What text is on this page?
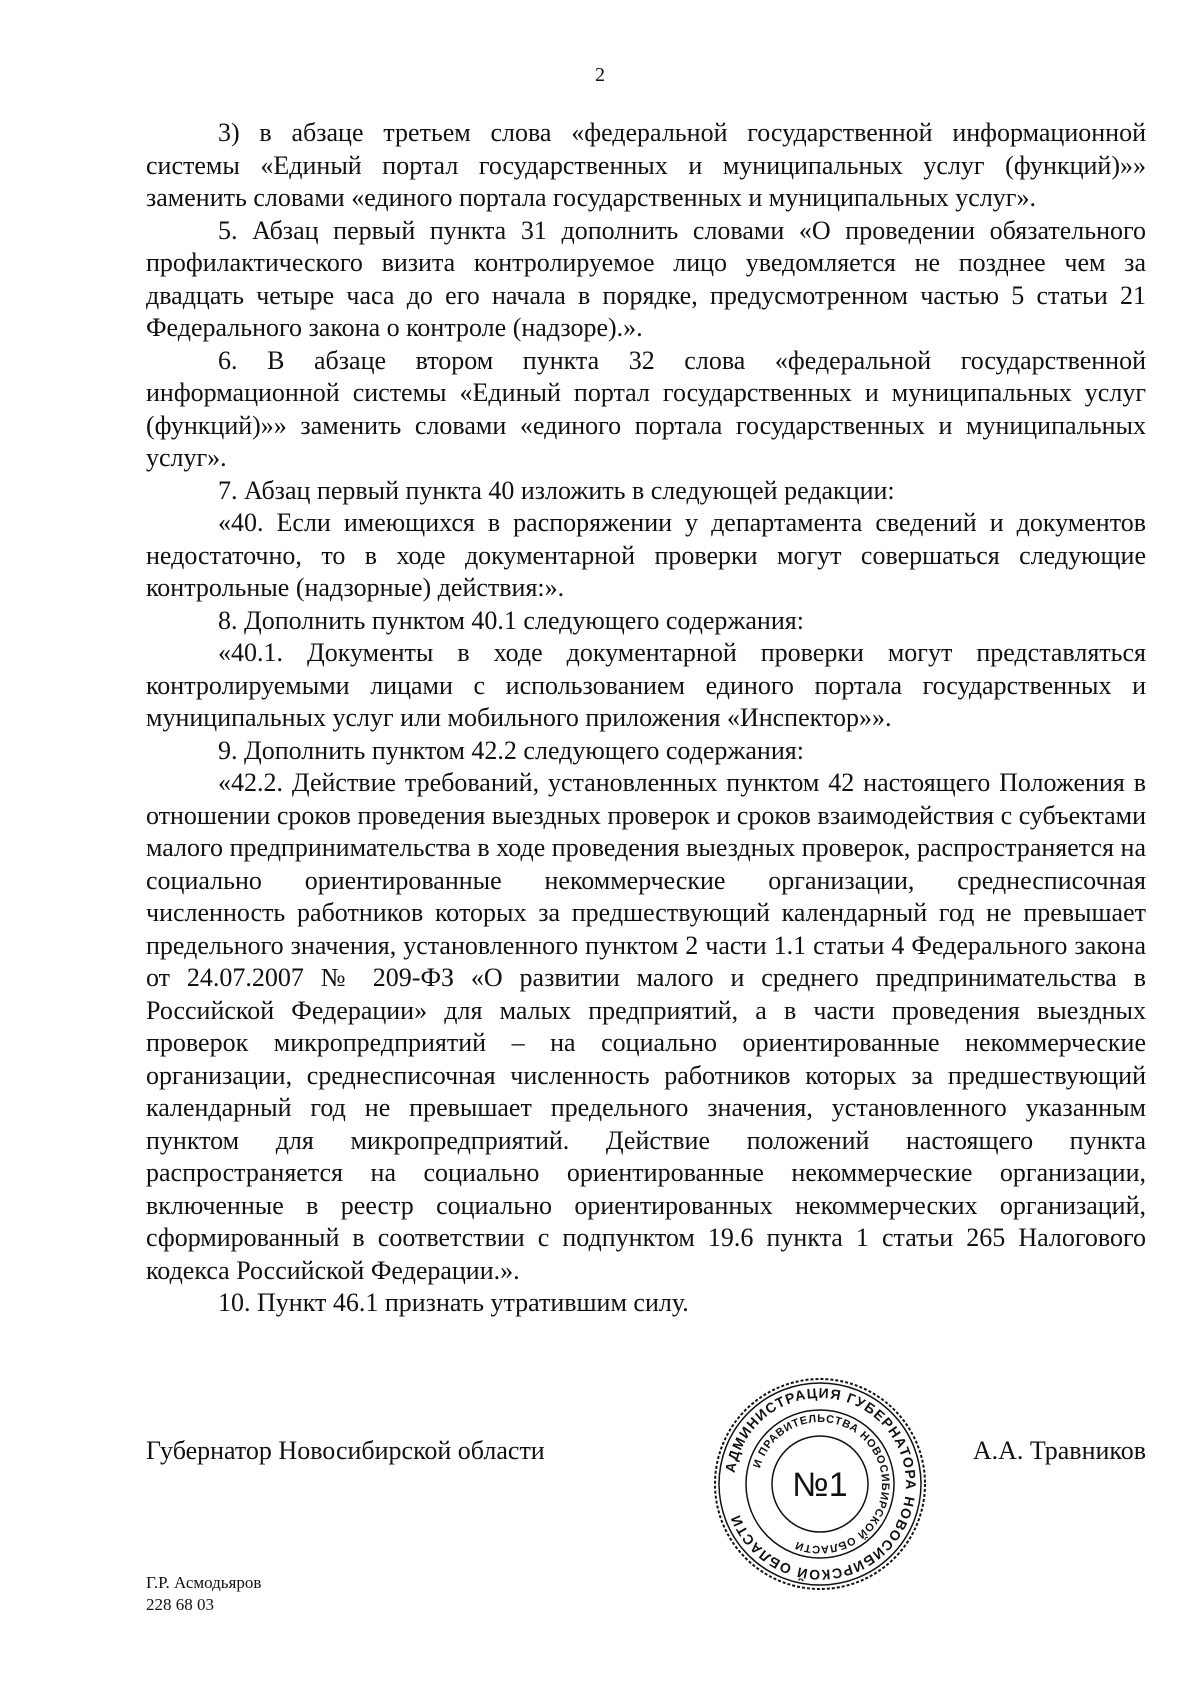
2

3) в абзаце третьем слова «федеральной государственной информационной системы «Единый портал государственных и муниципальных услуг (функций)»» заменить словами «единого портала государственных и муниципальных услуг».

5. Абзац первый пункта 31 дополнить словами «О проведении обязательного профилактического визита контролируемое лицо уведомляется не позднее чем за двадцать четыре часа до его начала в порядке, предусмотренном частью 5 статьи 21 Федерального закона о контроле (надзоре).».

6. В абзаце втором пункта 32 слова «федеральной государственной информационной системы «Единый портал государственных и муниципальных услуг (функций)»» заменить словами «единого портала государственных и муниципальных услуг».

7. Абзац первый пункта 40 изложить в следующей редакции:

«40. Если имеющихся в распоряжении у департамента сведений и документов недостаточно, то в ходе документарной проверки могут совершаться следующие контрольные (надзорные) действия:».

8. Дополнить пунктом 40.1 следующего содержания:

«40.1. Документы в ходе документарной проверки могут представляться контролируемыми лицами с использованием единого портала государственных и муниципальных услуг или мобильного приложения «Инспектор»».

9. Дополнить пунктом 42.2 следующего содержания:

«42.2. Действие требований, установленных пунктом 42 настоящего Положения в отношении сроков проведения выездных проверок и сроков взаимодействия с субъектами малого предпринимательства в ходе проведения выездных проверок, распространяется на социально ориентированные некоммерческие организации, среднесписочная численность работников которых за предшествующий календарный год не превышает предельного значения, установленного пунктом 2 части 1.1 статьи 4 Федерального закона от 24.07.2007 № 209-ФЗ «О развитии малого и среднего предпринимательства в Российской Федерации» для малых предприятий, а в части проведения выездных проверок микропредприятий – на социально ориентированные некоммерческие организации, среднесписочная численность работников которых за предшествующий календарный год не превышает предельного значения, установленного указанным пунктом для микропредприятий. Действие положений настоящего пункта распространяется на социально ориентированные некоммерческие организации, включенные в реестр социально ориентированных некоммерческих организаций, сформированный в соответствии с подпунктом 19.6 пункта 1 статьи 265 Налогового кодекса Российской Федерации.».

10. Пункт 46.1 признать утратившим силу.

Губернатор Новосибирской области	А.А. Травников
АДМИНИСТРАЦИЯ ГУБЕРНАТОРА НОВОСИБИРСКОЙ ОБЛАСТИ
И ПРАВИТЕЛЬСТВА НОВОСИБИРСКОЙ ОБЛАСТИ
№1
Г.Р. Асмодьяров
228 68 03
